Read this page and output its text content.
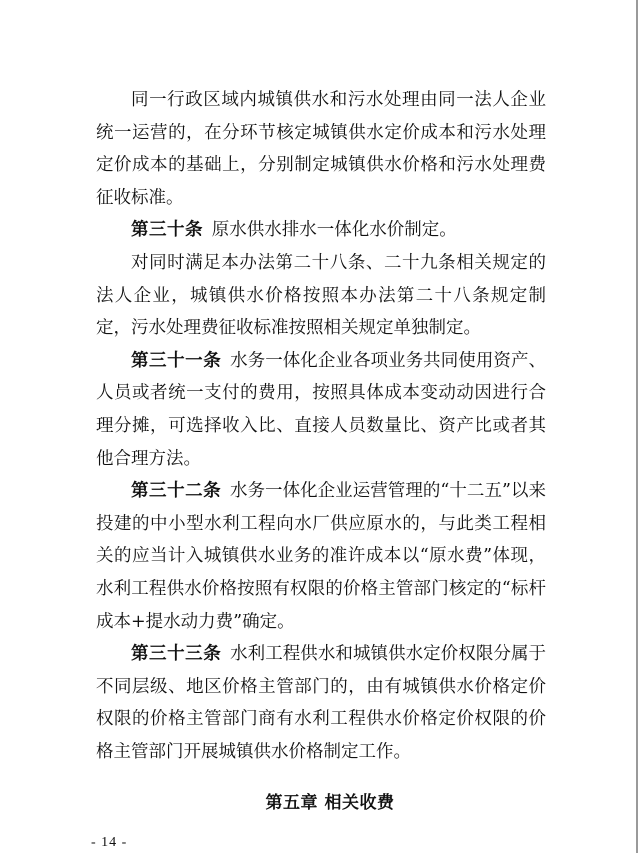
同一行政区域内城镇供水和污水处理由同一法人企业统一运营的，在分环节核定城镇供水定价成本和污水处理定价成本的基础上，分别制定城镇供水价格和污水处理费征收标准。

第三十条  原水供水排水一体化水价制定。

对同时满足本办法第二十八条、二十九条相关规定的法人企业，城镇供水价格按照本办法第二十八条规定制定，污水处理费征收标准按照相关规定单独制定。

第三十一条  水务一体化企业各项业务共同使用资产、人员或者统一支付的费用，按照具体成本变动动因进行合理分摊，可选择收入比、直接人员数量比、资产比或者其他合理方法。

第三十二条  水务一体化企业运营管理的“十二五”以来投建的中小型水利工程向水厂供应原水的，与此类工程相关的应当计入城镇供水业务的准许成本以“原水费”体现，水利工程供水价格按照有权限的价格主管部门核定的“标杆成本+提水动力费”确定。

第三十三条  水利工程供水和城镇供水定价权限分属于不同层级、地区价格主管部门的，由有城镇供水价格定价权限的价格主管部门商有水利工程供水价格定价权限的价格主管部门开展城镇供水价格制定工作。

第五章 相关收费
- 14 -
